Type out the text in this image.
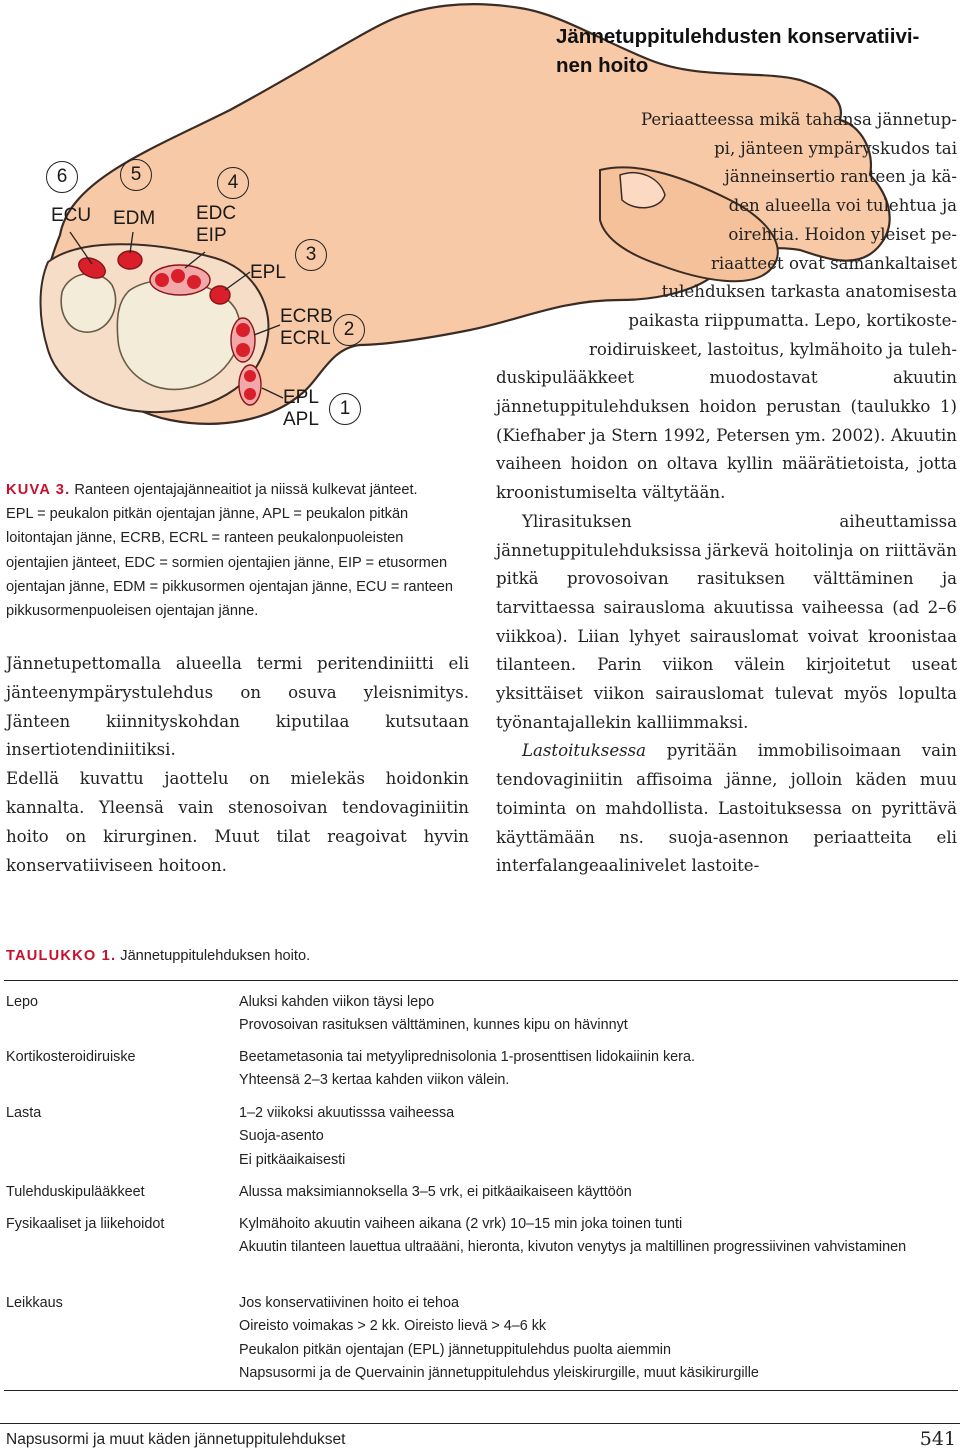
6	5	4
3
2
1
ECU EDM EDC
EIP
EPL
ECRB
ECRL
EPL
APL
Jännetuppitulehdusten konservatiivi-
nen hoito

Periaatteessa mikä tahansa jännetup-

pi, jänteen ympäryskudos tai

jänneinsertio ranteen ja kä-

den alueella voi tulehtua ja

oirehtia. Hoidon yleiset pe-

riaatteet ovat samankaltaiset

tulehduksen tarkasta anatomisesta

paikasta riippumatta. Lepo, kortikoste-

roidiruiskeet, lastoitus, kylmähoito ja tuleh-

duskipulääkkeet muodostavat akuutin jännetuppitulehduksen hoidon perustan (taulukko 1) (Kiefhaber ja Stern 1992, Petersen ym. 2002). Akuutin vaiheen hoidon on oltava kyllin määrätietoista, jotta kroonistumiselta vältytään.

Ylirasituksen aiheuttamissa jännetuppitulehduksissa järkevä hoitolinja on riittävän pitkä provosoivan rasituksen välttäminen ja tarvittaessa sairausloma akuutissa vaiheessa (ad 2–6 viikkoa). Liian lyhyet sairauslomat voivat kroonistaa tilanteen. Parin viikon välein kirjoitetut useat yksittäiset viikon sairauslomat tulevat myös lopulta työnantajallekin kalliimmaksi.

Lastoituksessa pyritään immobilisoimaan vain tendovaginiitin affisoima jänne, jolloin käden muu toiminta on mahdollista. Lastoituksessa on pyrittävä käyttämään ns. suoja-asennon periaatteita eli interfalangeaalinivelet lastoite-

KUVA 3. Ranteen ojentajajänneaitiot ja niissä kulkevat jänteet.
EPL = peukalon pitkän ojentajan jänne, APL = peukalon pitkän loitontajan jänne, ECRB, ECRL = ranteen peukalonpuoleisten ojentajien jänteet, EDC = sormien ojentajien jänne, EIP = etusormen ojentajan jänne, EDM = pikkusormen ojentajan jänne, ECU = ranteen pikkusormenpuoleisen ojentajan jänne.

Jännetupettomalla alueella termi peritendiniitti eli jänteenympärystulehdus on osuva yleisnimitys. Jänteen kiinnityskohdan kiputilaa kutsutaan insertiotendiniitiksi.

Edellä kuvattu jaottelu on mielekäs hoidonkin kannalta. Yleensä vain stenosoivan tendovaginiitin hoito on kirurginen. Muut tilat reagoivat hyvin konservatiiviseen hoitoon.

TAULUKKO 1. Jännetuppitulehduksen hoito.
Lepo	Aluksi kahden viikon täysi lepo
Provosoivan rasituksen välttäminen, kunnes kipu on hävinnyt
Kortikosteroidiruiske	Beetametasonia tai metyyliprednisolonia 1-prosenttisen lidokaiinin kera.
Yhteensä 2–3 kertaa kahden viikon välein.
Lasta	1–2 viikoksi akuutisssa vaiheessa
Suoja-asento
Ei pitkäaikaisesti
Tulehduskipulääkkeet	Alussa maksimiannoksella 3–5 vrk, ei pitkäaikaiseen käyttöön
Fysikaaliset ja liikehoidot	Kylmähoito akuutin vaiheen aikana (2 vrk) 10–15 min joka toinen tunti
Akuutin tilanteen lauettua ultraääni, hieronta, kivuton venytys ja maltillinen progressiivinen vahvistaminen
Leikkaus	Jos konservatiivinen hoito ei tehoa
Oireisto voimakas > 2 kk. Oireisto lievä > 4–6 kk
Peukalon pitkän ojentajan (EPL) jännetuppitulehdus puolta aiemmin
Napsusormi ja de Quervainin jännetuppitulehdus yleiskirurgille, muut käsikirurgille
Napsusormi ja muut käden jännetuppitulehdukset	541
